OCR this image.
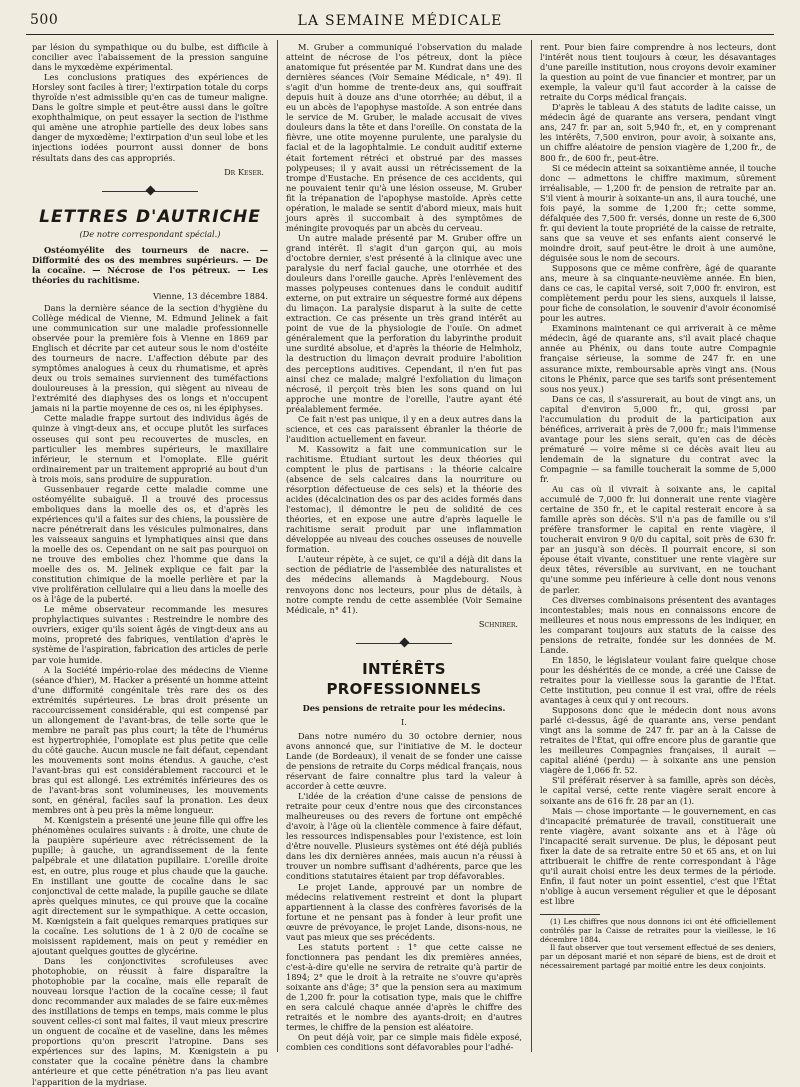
500	LA SEMAINE MÉDICALE

par lésion du sympathique ou du bulbe, est difficile à concilier avec l'abaissement de la pression sanguine dans le myxœdème expérimental.

Les conclusions pratiques des expériences de Horsley sont faciles à tirer; l'extirpation totale du corps thyroïde n'est admissible qu'en cas de tumeur maligne. Dans le goître simple et peut-être aussi dans le goître exophthalmique, on peut essayer la section de l'isthme qui amène une atrophie partielle des deux lobes sans danger de myxœdème; l'extirpation d'un seul lobe et les injections iodées pourront aussi donner de bons résultats dans des cas appropriés.

Dr Keser.
LETTRES D'AUTRICHE
(De notre correspondant spécial.)

Ostéomyélite des tourneurs de nacre. — Difformité des os des membres supérieurs. — De la cocaïne. — Nécrose de l'os pétreux. — Les théories du rachitisme.

Vienne, 13 décembre 1884.

Dans la dernière séance de la section d'hygiène du Collège médical de Vienne, M. Edmund Jelinek a fait une communication sur une maladie professionnelle observée pour la première fois à Vienne en 1869 par Englisch et décrite par cet auteur sous le nom d'ostéite des tourneurs de nacre. L'affection débute par des symptômes analogues à ceux du rhumatisme, et après deux ou trois semaines surviennent des tuméfactions douloureuses à la pression, qui siègent au niveau de l'extrémité des diaphyses des os longs et n'occupent jamais ni la partie moyenne de ces os, ni les épiphyses.

Cette maladie frappe surtout des individus âgés de quinze à vingt-deux ans, et occupe plutôt les surfaces osseuses qui sont peu recouvertes de muscles, en particulier les membres supérieurs, le maxillaire inférieur, le sternum et l'omoplate. Elle guérit ordinairement par un traitement approprié au bout d'un à trois mois, sans produire de suppuration.

Gussenbauer regarde cette maladie comme une ostéomyélite subaiguë. Il a trouvé des processus emboliques dans la moelle des os, et d'après les expériences qu'il a faites sur des chiens, la poussière de nacre pénétrerait dans les vésicules pulmonaires, dans les vaisseaux sanguins et lymphatiques ainsi que dans la moelle des os. Cependant on ne sait pas pourquoi on ne trouve des embolies chez l'homme que dans la moelle des os. M. Jelinek explique ce fait par la constitution chimique de la moelle perlière et par la vive prolifération cellulaire qui a lieu dans la moelle des os à l'âge de la puberté.

Le même observateur recommande les mesures prophylactiques suivantes : Restreindre le nombre des ouvriers, exiger qu'ils soient âgés de vingt-deux ans au moins, propreté des fabriques, ventilation d'après le système de l'aspiration, fabrication des articles de perle par voie humide.

A la Société império-rolae des médecins de Vienne (séance d'hier), M. Hacker a présenté un homme atteint d'une difformité congénitale très rare des os des extrémités supérieures. Le bras droit présente un raccourcissement considérable, qui est compensé par un allongement de l'avant-bras, de telle sorte que le membre ne paraît pas plus court; la tête de l'humérus est hypertrophiée, l'omoplate est plus petite que celle du côté gauche. Aucun muscle ne fait défaut, cependant les mouvements sont moins étendus. A gauche, c'est l'avant-bras qui est considérablement raccourci et le bras qui est allongé. Les extrémités inférieures des os de l'avant-bras sont volumineuses, les mouvements sont, en général, faciles sauf la pronation. Les deux membres ont à peu près la même longueur.

M. Kœnigstein a présenté une jeune fille qui offre les phénomènes oculaires suivants : à droite, une chute de la paupière supérieure avec rétrécissement de la pupille; à gauche, un agrandissement de la fente palpébrale et une dilatation pupillaire. L'oreille droite est, en outre, plus rouge et plus chaude que la gauche. En instillant une goutte de cocaïne dans le sac conjonctival de cette malade, la pupille gauche se dilate après quelques minutes, ce qui prouve que la cocaïne agit directement sur le sympathique. A cette occasion, M. Kœnigstein a fait quelques remarques pratiques sur la cocaïne. Les solutions de 1 à 2 0/0 de cocaïne se moisissent rapidement, mais on peut y remédier en ajoutant quelques gouttes de glycérine.

Dans les conjonctivites scrofuleuses avec photophobie, on réussit à faire disparaître la photophobie par la cocaïne, mais elle reparaît de nouveau lorsque l'action de la cocaïne cesse; il faut donc recommander aux malades de se faire eux-mêmes des instillations de temps en temps, mais comme le plus souvent celles-ci sont mal faites, il vaut mieux prescrire un onguent de cocaïne et de vaseline, dans les mêmes proportions qu'on prescrit l'atropine. Dans ses expériences sur des lapins, M. Kœnigstein a pu constater que la cocaïne pénètre dans la chambre antérieure et que cette pénétration n'a pas lieu avant l'apparition de la mydriase.

M. Gruber a communiqué l'observation du malade atteint de nécrose de l'os pétreux, dont la pièce anatomique fut présentée par M. Kundrat dans une des dernières séances (Voir Semaine Médicale, n° 49). Il s'agit d'un homme de trente-deux ans, qui souffrait depuis huit à douze ans d'une otorrhée; au début, il a eu un abcès de l'apophyse mastoïde. A son entrée dans le service de M. Gruber, le malade accusait de vives douleurs dans la tête et dans l'oreille. On constata de la fièvre, une otite moyenne purulente, une paralysie du facial et de la lagophtalmie. Le conduit auditif externe était fortement rétréci et obstrué par des masses polypeuses; il y avait aussi un rétrécissement de la trompe d'Eustache. En présence de ces accidents, qui ne pouvaient tenir qu'à une lésion osseuse, M. Gruber fit la trépanation de l'apophyse mastoïde. Après cette opération, le malade se sentit d'abord mieux, mais huit jours après il succombait à des symptômes de méningite provoqués par un abcès du cerveau.

Un autre malade présenté par M. Gruber offre un grand intérêt. Il s'agit d'un garçon qui, au mois d'octobre dernier, s'est présenté à la clinique avec une paralysie du nerf facial gauche, une otorrhée et des douleurs dans l'oreille gauche. Après l'enlèvement des masses polypeuses contenues dans le conduit auditif externe, on put extraire un séquestre formé aux dépens du limaçon. La paralysie disparut à la suite de cette extraction. Ce cas présente un très grand intérêt au point de vue de la physiologie de l'ouïe. On admet généralement que la perforation du labyrinthe produit une surdité absolue, et d'après la théorie de Helmholz, la destruction du limaçon devrait produire l'abolition des perceptions auditives. Cependant, il n'en fut pas ainsi chez ce malade; malgré l'exfoliation du limaçon nécrosé, il perçoit très bien les sons quand on lui approche une montre de l'oreille, l'autre ayant été préalablement fermée.

Ce fait n'est pas unique, il y en a deux autres dans la science, et ces cas paraissent ébranler la théorie de l'audition actuellement en faveur.

M. Kassowitz a fait une communication sur le rachitisme. Étudiant surtout les deux théories qui comptent le plus de partisans : la théorie calcaire (absence de sels calcaires dans la nourriture ou résorption défectueuse de ces sels) et la théorie des acides (décalcination des os par des acides formés dans l'estomac), il démontre le peu de solidité de ces théories, et en expose une autre d'après laquelle le rachitisme serait produit par une inflammation développée au niveau des couches osseuses de nouvelle formation.

L'auteur répète, à ce sujet, ce qu'il a déjà dit dans la section de pédiatrie de l'assemblée des naturalistes et des médecins allemands à Magdebourg. Nous renvoyons donc nos lecteurs, pour plus de détails, à notre compte rendu de cette assemblée (Voir Semaine Médicale, n° 41).

Schnirer.
INTÉRÊTS PROFESSIONNELS
Des pensions de retraite pour les médecins.
I.

Dans notre numéro du 30 octobre dernier, nous avons annoncé que, sur l'initiative de M. le docteur Lande (de Bordeaux), il venait de se fonder une caisse de pensions de retraite du Corps médical français, nous réservant de faire connaître plus tard la valeur à accorder à cette œuvre.

L'idée de la création d'une caisse de pensions de retraite pour ceux d'entre nous que des circonstances malheureuses ou des revers de fortune ont empêché d'avoir, à l'âge où la clientèle commence à faire défaut, les ressources indispensables pour l'existence, est loin d'être nouvelle. Plusieurs systèmes ont été déjà publiés dans les dix dernières années, mais aucun n'a réussi à trouver un nombre suffisant d'adhérents, parce que les conditions statutaires étaient par trop défavorables.

Le projet Lande, approuvé par un nombre de médecins relativement restreint et dont la plupart appartiennent à la classe des confrères favorisés de la fortune et ne pensant pas à fonder à leur profit une œuvre de prévoyance, le projet Lande, disons-nous, ne vaut pas mieux que ses précédents.

Les statuts portent : 1° que cette caisse ne fonctionnera pas pendant les dix premières années, c'est-à-dire qu'elle ne servira de retraite qu'à partir de 1894; 2° que le droit à la retraite ne s'ouvre qu'après soixante ans d'âge; 3° que la pension sera au maximum de 1,200 fr. pour la cotisation type, mais que le chiffre en sera calculé chaque année d'après le chiffre des retraités et le nombre des ayants-droit; en d'autres termes, le chiffre de la pension est aléatoire.

On peut déjà voir, par ce simple mais fidèle exposé, combien ces conditions sont défavorables pour l'adhé-

rent. Pour bien faire comprendre à nos lecteurs, dont l'intérêt nous tient toujours à cœur, les désavantages d'une pareille institution, nous croyons devoir examiner la question au point de vue financier et montrer, par un exemple, la valeur qu'il faut accorder à la caisse de retraite du Corps médical français.

D'après le tableau A des statuts de ladite caisse, un médecin âgé de quarante ans versera, pendant vingt ans, 247 fr. par an, soit 5,940 fr., et, en y comprenant les intérêts, 7,500 environ, pour avoir, à soixante ans, un chiffre aléatoire de pension viagère de 1,200 fr., de 800 fr., de 600 fr., peut-être.

Si ce médecin atteint sa soixantième année, il touche donc — admettons le chiffre maximum, sûrement irréalisable, — 1,200 fr. de pension de retraite par an. S'il vient à mourir à soixante-un ans, il aura touché, une fois payé, la somme de 1,200 fr.; cette somme, défalquée des 7,500 fr. versés, donne un reste de 6,300 fr. qui devient la toute propriété de la caisse de retraite, sans que sa veuve et ses enfants aient conservé le moindre droit, sauf peut-être le droit à une aumône, déguisée sous le nom de secours.

Supposons que ce même confrère, âgé de quarante ans, meure à sa cinquante-neuvième année. En bien, dans ce cas, le capital versé, soit 7,000 fr. environ, est complètement perdu pour les siens, auxquels il laisse, pour fiche de consolation, le souvenir d'avoir économisé pour les autres.

Examinons maintenant ce qui arriverait à ce même médecin, âgé de quarante ans, s'il avait placé chaque année au Phénix, ou dans toute autre Compagnie française sérieuse, la somme de 247 fr. en une assurance mixte, remboursable après vingt ans. (Nous citons le Phénix, parce que ses tarifs sont présentement sous nos yeux.)

Dans ce cas, il s'assurerait, au bout de vingt ans, un capital d'environ 5,000 fr., qui, grossi par l'accumulation du produit de la participation aux bénéfices, arriverait à près de 7,000 fr.; mais l'immense avantage pour les siens serait, qu'en cas de décès prématuré — voire même si ce décès avait lieu au lendemain de la signature du contrat avec la Compagnie — sa famille toucherait la somme de 5,000 fr.

Au cas où il vivrait à soixante ans, le capital accumulé de 7,000 fr. lui donnerait une rente viagère certaine de 350 fr., et le capital resterait encore à sa famille après son décès. S'il n'a pas de famille ou s'il préfère transformer le capital en rente viagère, il toucherait environ 9 0/0 du capital, soit près de 630 fr. par an jusqu'à son décès. Il pourrait encore, si son épouse était vivante, constituer une rente viagère sur deux têtes, réversible au survivant, en ne touchant qu'une somme peu inférieure à celle dont nous venons de parler.

Ces diverses combinaisons présentent des avantages incontestables; mais nous en connaissons encore de meilleures et nous nous empressons de les indiquer, en les comparant toujours aux statuts de la caisse des pensions de retraite, fondée sur les données de M. Lande.

En 1850, le législateur voulant faire quelque chose pour les déshérités de ce monde, a créé une Caisse de retraites pour la vieillesse sous la garantie de l'État. Cette institution, peu connue il est vrai, offre de réels avantages à ceux qui y ont recours.

Supposons donc que le médecin dont nous avons parlé ci-dessus, âgé de quarante ans, verse pendant vingt ans la somme de 247 fr. par an à la Caisse de retraites de l'État, qui offre encore plus de garantie que les meilleures Compagnies françaises, il aurait — capital aliéné (perdu) — à soixante ans une pension viagère de 1,066 fr. 52.

S'il préférait réserver à sa famille, après son décès, le capital versé, cette rente viagère serait encore à soixante ans de 616 fr. 28 par an (1).

Mais — chose importante — le gouvernement, en cas d'incapacité prématurée de travail, constituerait une rente viagère, avant soixante ans et à l'âge où l'incapacité serait survenue. De plus, le déposant peut fixer la date de sa retraite entre 50 et 65 ans, et on lui attribuerait le chiffre de rente correspondant à l'âge qu'il aurait choisi entre les deux termes de la période. Enfin, il faut noter un point essentiel, c'est que l'État n'oblige à aucun versement régulier et que le déposant est libre

(1) Les chiffres que nous donnons ici ont été officiellement contrôlés par la Caisse de retraites pour la vieillesse, le 16 décembre 1884.

Il faut observer que tout versement effectué de ses deniers, par un déposant marié et non séparé de biens, est de droit et nécessairement partagé par moitié entre les deux conjoints.
